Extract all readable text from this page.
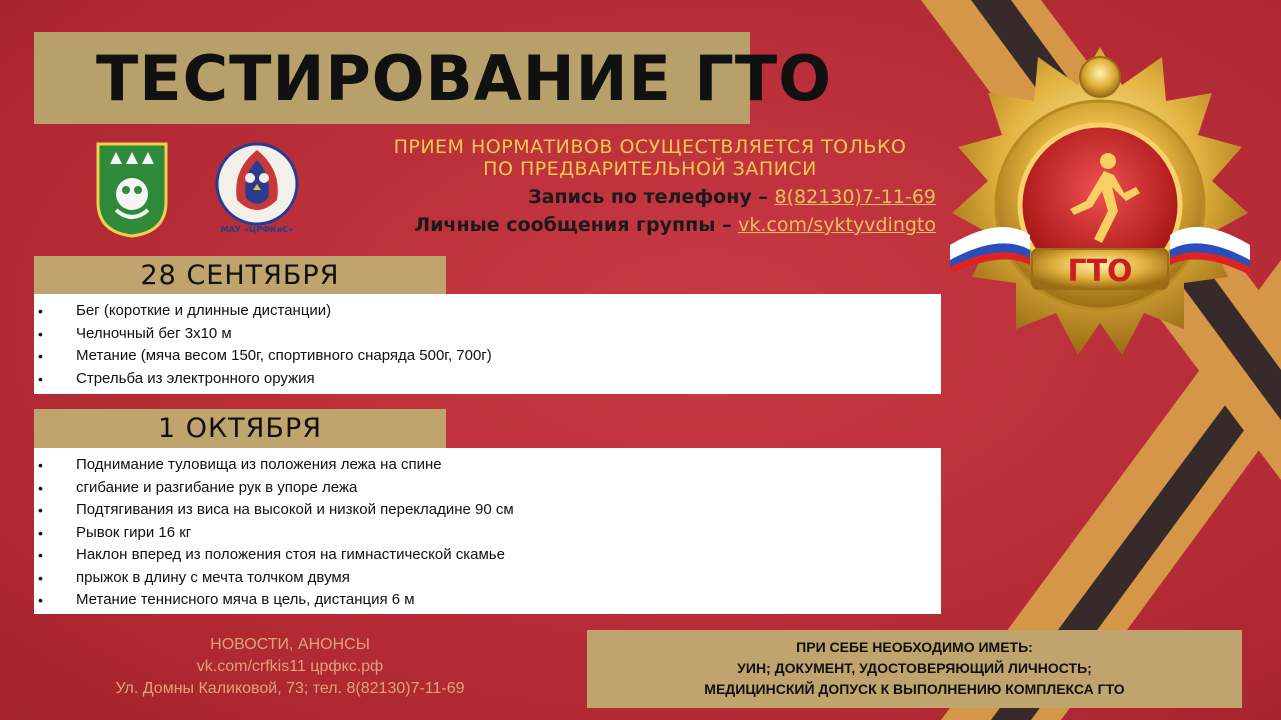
ТЕСТИРОВАНИЕ ГТО
МАУ «ЦРФКиС»
ПРИЕМ НОРМАТИВОВ ОСУЩЕСТВЛЯЕТСЯ ТОЛЬКО
ПО ПРЕДВАРИТЕЛЬНОЙ ЗАПИСИ
Запись по телефону – 8(82130)7-11-69
Личные сообщения группы – vk.com/syktyvdingto
28 СЕНТЯБРЯ
• Бег (короткие и длинные дистанции)
• Челночный бег 3х10 м
• Метание (мяча весом 150г, спортивного снаряда 500г, 700г)
• Стрельба из электронного оружия
1 ОКТЯБРЯ
• Поднимание туловища из положения лежа на спине
• сгибание и разгибание рук в упоре лежа
• Подтягивания из виса на высокой и низкой перекладине 90 см
• Рывок гири 16 кг
• Наклон вперед из положения стоя на гимнастической скамье
• прыжок в длину с мечта толчком двумя
• Метание теннисного мяча в цель, дистанция 6 м
НОВОСТИ, АНОНСЫ
vk.com/crfkis11 црфкс.рф
Ул. Домны Каликовой, 73; тел. 8(82130)7-11-69
ПРИ СЕБЕ НЕОБХОДИМО ИМЕТЬ:
УИН; ДОКУМЕНТ, УДОСТОВЕРЯЮЩИЙ ЛИЧНОСТЬ;
МЕДИЦИНСКИЙ ДОПУСК К ВЫПОЛНЕНИЮ КОМПЛЕКСА ГТО
ГТО
